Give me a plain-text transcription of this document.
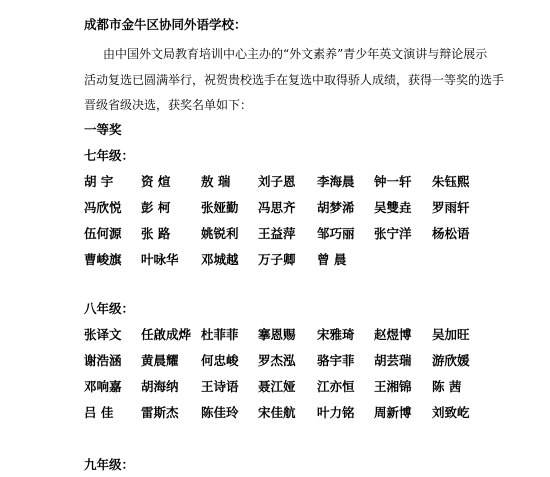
成都市金牛区协同外语学校：
由中国外文局教育培训中心主办的“外文素养”青少年英文演讲与辩论展示
活动复选已圆满举行，祝贺贵校选手在复选中取得骄人成绩，获得一等奖的选手
晋级省级决选，获奖名单如下：
一等奖
七年级：
胡 宇 资 煊 敖 瑞 刘子恩 李海晨 钟一轩 朱钰熙
冯欣悦 彭 柯 张娅勤 冯思齐 胡梦浠 吴雙垚 罗雨轩
伍何源 张 路 姚锐利 王益萍 邹巧丽 张宁洋 杨松语
曹峻旗 叶咏华 邓城越 万子卿 曾 晨
八年级：
张译文 任啟成烨 杜菲菲 搴恩赐 宋雅琦 赵煜博 吴加旺
谢浩涵 黄晨耀 何忠峻 罗杰泓 骆宇菲 胡芸瑞 游欣媛
邓响嘉 胡海纳 王诗语 聂江娅 江亦恒 王湘锦 陈 茜
吕 佳 雷斯杰 陈佳玲 宋佳航 叶力铭 周新博 刘致屹
九年级：
